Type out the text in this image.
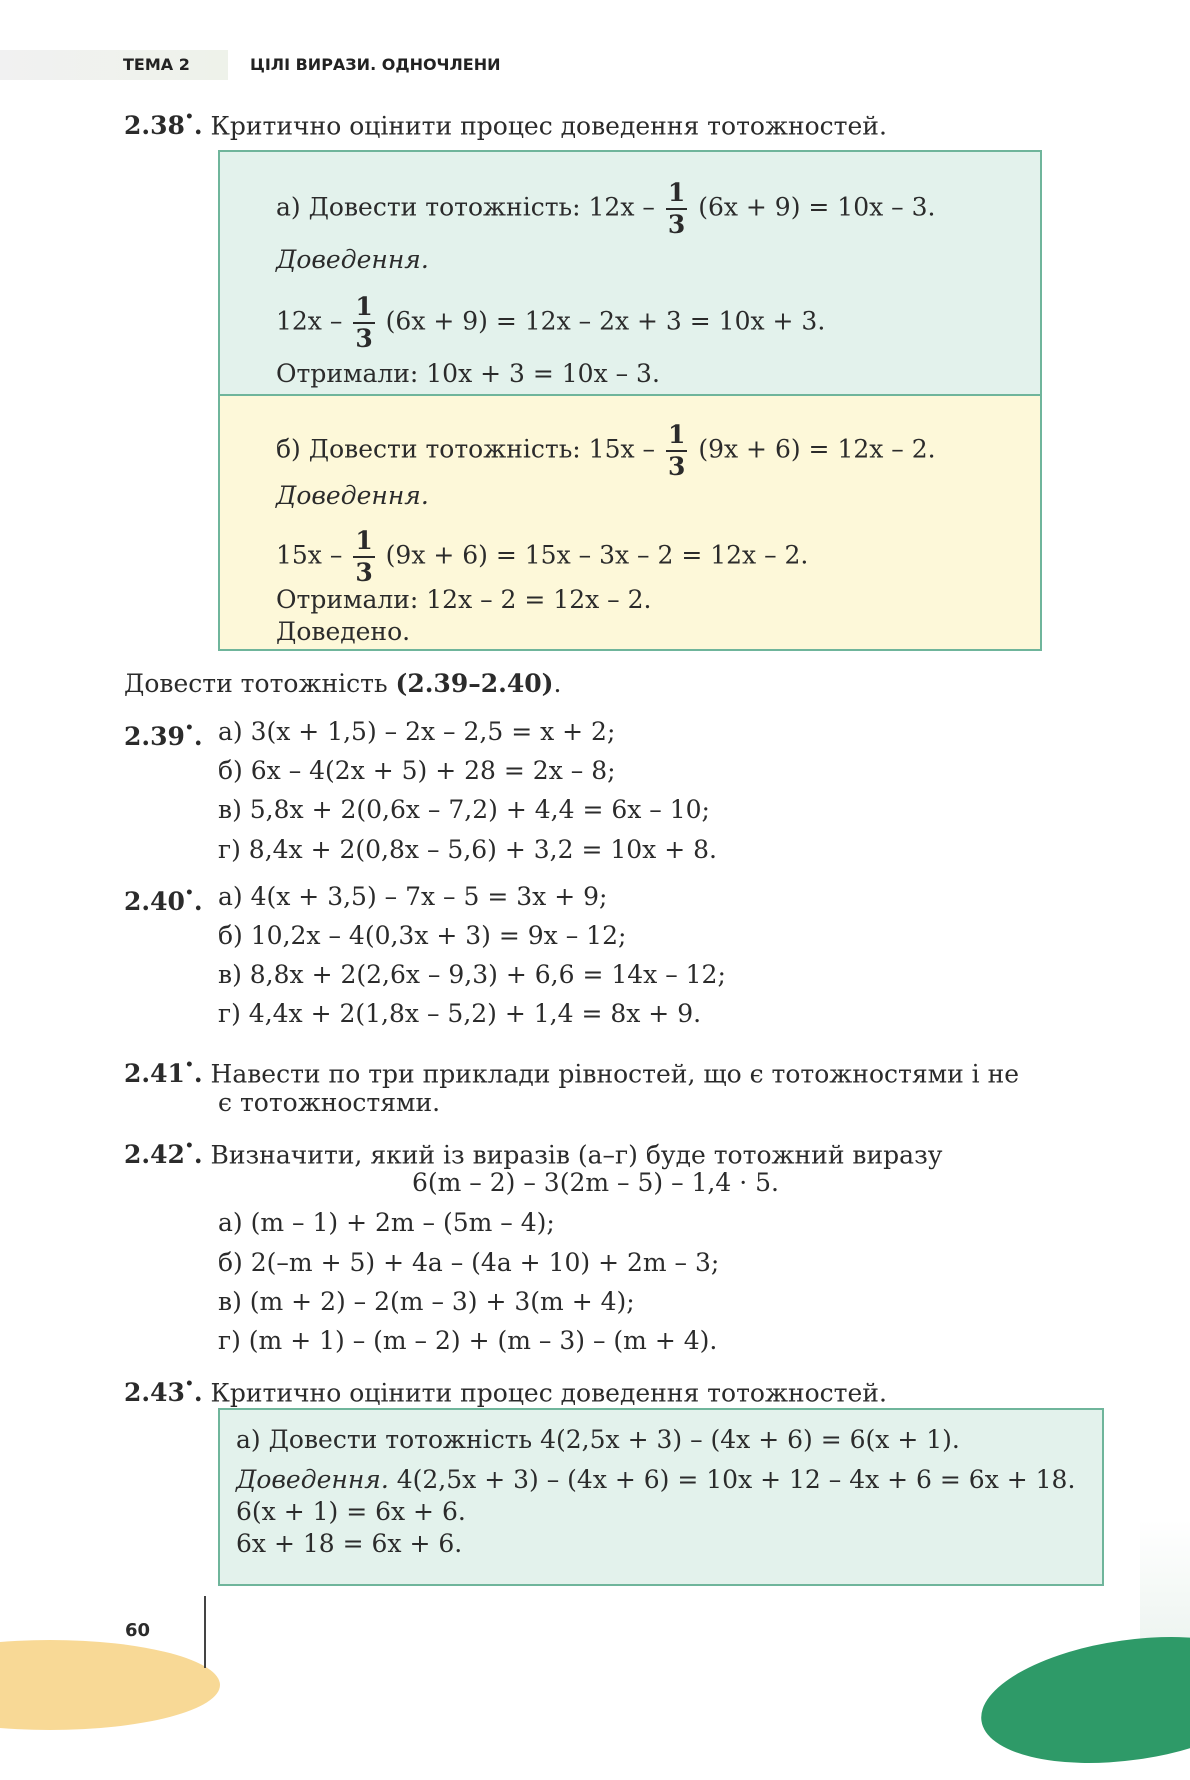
ТЕМА 2	ЦІЛІ ВИРАЗИ. ОДНОЧЛЕНИ
2.38•. Критично оцінити процес доведення тотожностей.
а) Довести тотожність: $12x - \frac{1}{3} (6x + 9) = 10x - 3$.
Доведення.
$12x - \frac{1}{3} (6x + 9) = 12x - 2x + 3 = 10x + 3$.
Отримали: 10x + 3 = 10x – 3.
б) Довести тотожність: $15x - \frac{1}{3} (9x + 6) = 12x - 2$.
Доведення.
$15x - \frac{1}{3} (9x + 6) = 15x - 3x - 2 = 12x - 2$.
Отримали: 12x – 2 = 12x – 2.
Доведено.
Довести тотожність (2.39–2.40).
2.39•. а) 3(x + 1,5) – 2x – 2,5 = x + 2;
б) 6x – 4(2x + 5) + 28 = 2x – 8;
в) 5,8x + 2(0,6x – 7,2) + 4,4 = 6x – 10;
г) 8,4x + 2(0,8x – 5,6) + 3,2 = 10x + 8.
2.40•. а) 4(x + 3,5) – 7x – 5 = 3x + 9;
б) 10,2x – 4(0,3x + 3) = 9x – 12;
в) 8,8x + 2(2,6x – 9,3) + 6,6 = 14x – 12;
г) 4,4x + 2(1,8x – 5,2) + 1,4 = 8x + 9.
2.41•. Навести по три приклади рівностей, що є тотожностями і не
є тотожностями.
2.42•. Визначити, який із виразів (а–г) буде тотожний виразу
6(m – 2) – 3(2m – 5) – 1,4 · 5.
а) (m – 1) + 2m – (5m – 4);
б) 2(–m + 5) + 4a – (4a + 10) + 2m – 3;
в) (m + 2) – 2(m – 3) + 3(m + 4);
г) (m + 1) – (m – 2) + (m – 3) – (m + 4).
2.43•. Критично оцінити процес доведення тотожностей.
а) Довести тотожність 4(2,5x + 3) – (4x + 6) = 6(x + 1).
Доведення. 4(2,5x + 3) – (4x + 6) = 10x + 12 – 4x + 6 = 6x + 18.
6(x + 1) = 6x + 6.
6x + 18 = 6x + 6.
60
